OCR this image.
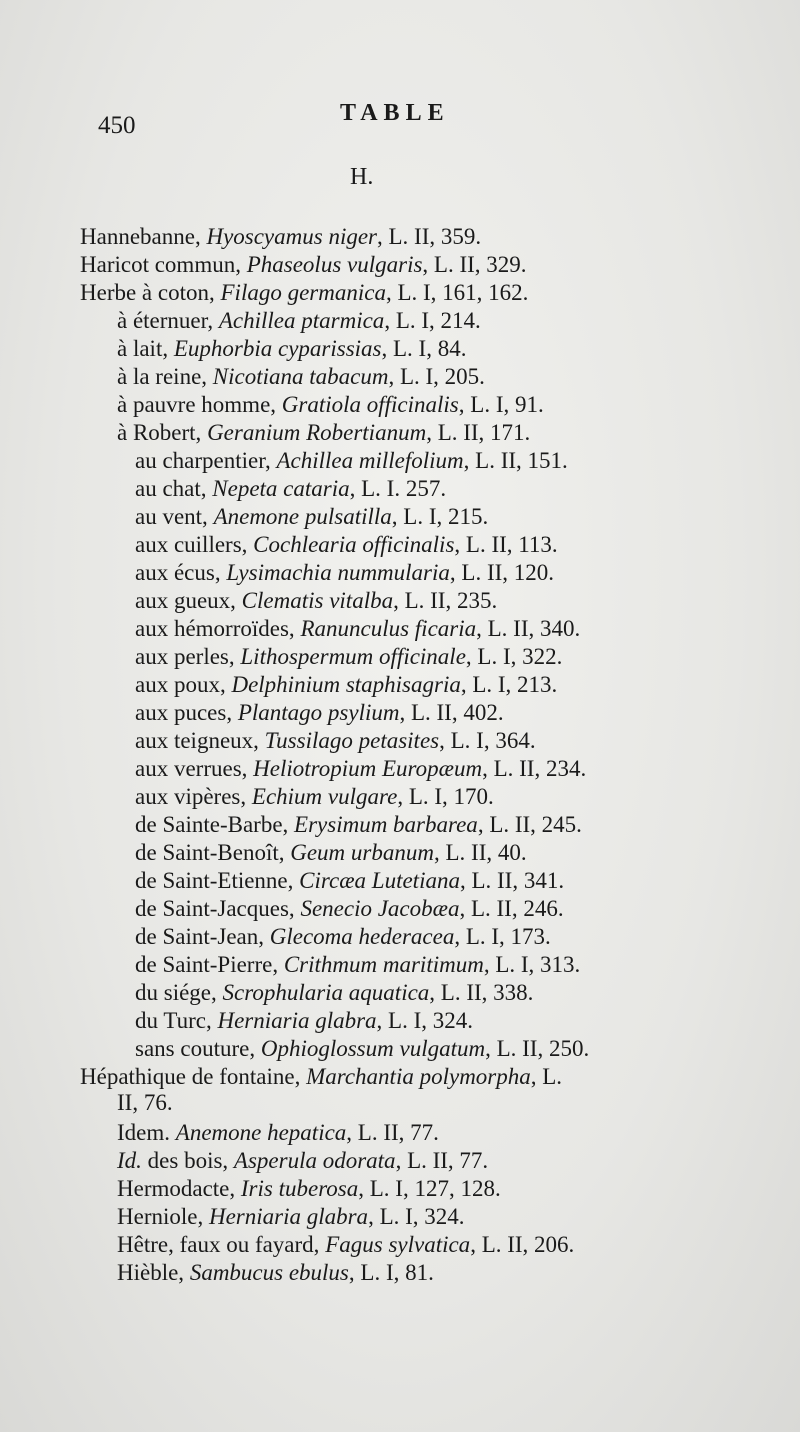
450	TABLE
H.
Hannebanne, Hyoscyamus niger, L. II, 359.
Haricot commun, Phaseolus vulgaris, L. II, 329.
Herbe à coton, Filago germanica, L. I, 161, 162.
à éternuer, Achillea ptarmica, L. I, 214.
à lait, Euphorbia cyparissias, L. I, 84.
à la reine, Nicotiana tabacum, L. I, 205.
à pauvre homme, Gratiola officinalis, L. I, 91.
à Robert, Geranium Robertianum, L. II, 171.
au charpentier, Achillea millefolium, L. II, 151.
au chat, Nepeta cataria, L. I. 257.
au vent, Anemone pulsatilla, L. I, 215.
aux cuillers, Cochlearia officinalis, L. II, 113.
aux écus, Lysimachia nummularia, L. II, 120.
aux gueux, Clematis vitalba, L. II, 235.
aux hémorroïdes, Ranunculus ficaria, L. II, 340.
aux perles, Lithospermum officinale, L. I, 322.
aux poux, Delphinium staphisagria, L. I, 213.
aux puces, Plantago psylium, L. II, 402.
aux teigneux, Tussilago petasites, L. I, 364.
aux verrues, Heliotropium Europæum, L. II, 234.
aux vipères, Echium vulgare, L. I, 170.
de Sainte-Barbe, Erysimum barbarea, L. II, 245.
de Saint-Benoît, Geum urbanum, L. II, 40.
de Saint-Etienne, Circæa Lutetiana, L. II, 341.
de Saint-Jacques, Senecio Jacobæa, L. II, 246.
de Saint-Jean, Glecoma hederacea, L. I, 173.
de Saint-Pierre, Crithmum maritimum, L. I, 313.
du siége, Scrophularia aquatica, L. II, 338.
du Turc, Herniaria glabra, L. I, 324.
sans couture, Ophioglossum vulgatum, L. II, 250.
Hépathique de fontaine, Marchantia polymorpha, L.
II, 76.
Idem. Anemone hepatica, L. II, 77.
Id. des bois, Asperula odorata, L. II, 77.
Hermodacte, Iris tuberosa, L. I, 127, 128.
Herniole, Herniaria glabra, L. I, 324.
Hêtre, faux ou fayard, Fagus sylvatica, L. II, 206.
Hièble, Sambucus ebulus, L. I, 81.
